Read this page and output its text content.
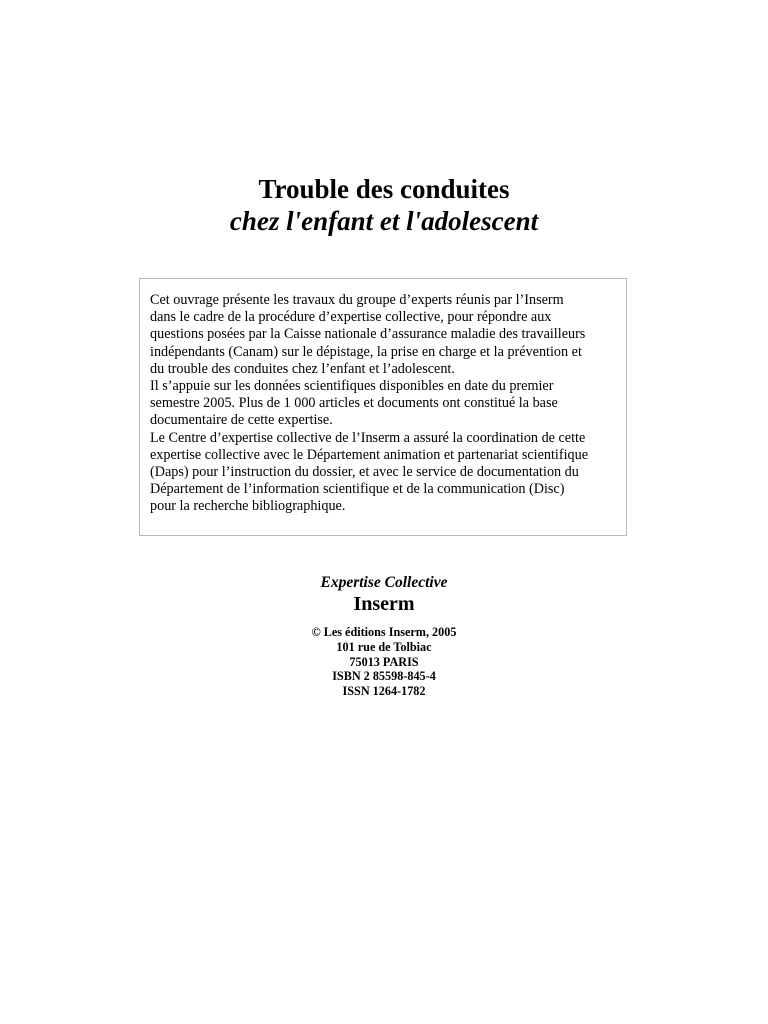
Trouble des conduites
chez l'enfant et l'adolescent

Cet ouvrage présente les travaux du groupe d’experts réunis par l’Inserm

dans le cadre de la procédure d’expertise collective, pour répondre aux

questions posées par la Caisse nationale d’assurance maladie des travailleurs

indépendants (Canam) sur le dépistage, la prise en charge et la prévention et

du trouble des conduites chez l’enfant et l’adolescent.

Il s’appuie sur les données scientifiques disponibles en date du premier

semestre 2005. Plus de 1 000 articles et documents ont constitué la base

documentaire de cette expertise.

Le Centre d’expertise collective de l’Inserm a assuré la coordination de cette

expertise collective avec le Département animation et partenariat scientifique

(Daps) pour l’instruction du dossier, et avec le service de documentation du

Département de l’information scientifique et de la communication (Disc)

pour la recherche bibliographique.

Expertise Collective

Inserm

© Les éditions Inserm, 2005

101 rue de Tolbiac

75013 PARIS

ISBN 2 85598-845-4

ISSN 1264-1782
